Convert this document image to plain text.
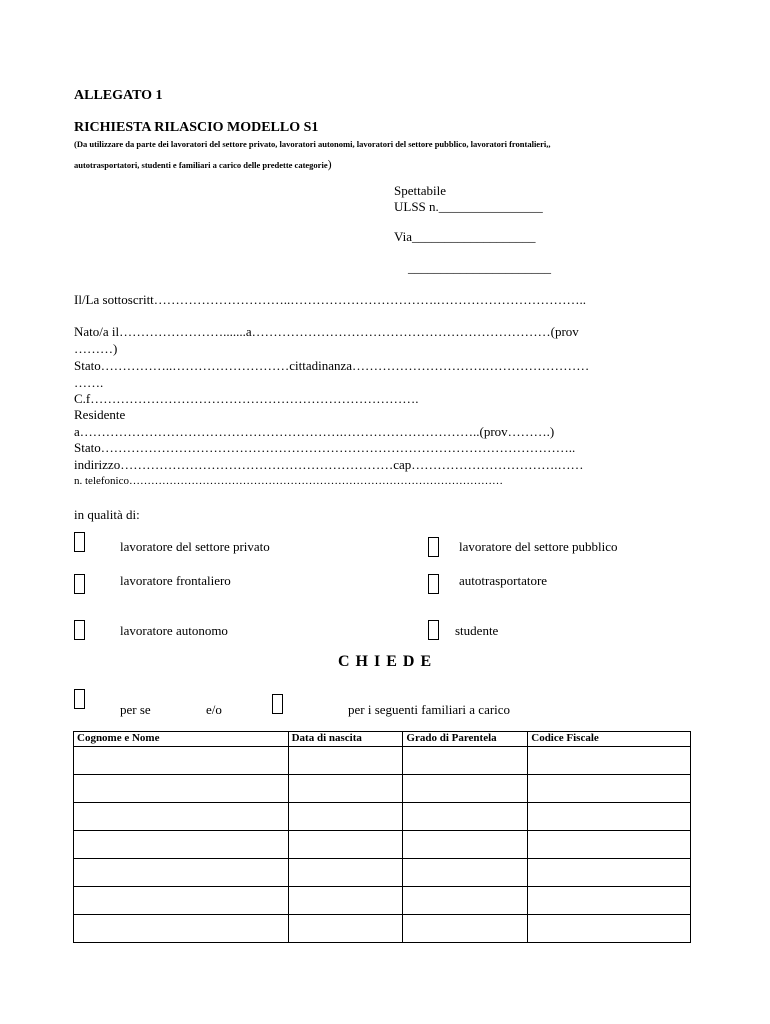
ALLEGATO 1
RICHIESTA RILASCIO MODELLO S1
(Da utilizzare da parte dei lavoratori del settore privato, lavoratori autonomi, lavoratori del settore pubblico, lavoratori frontalieri,,
autotrasportatori, studenti e familiari a carico delle predette categorie)
Spettabile
ULSS n.________________
Via___________________
______________________
Il/La sottoscritt…………………………..…………………………….……………………………..
Nato/a il…………………….......a……………………………………………………………(prov
………)
Stato……………..………………………cittadinanza………………………….……………………
…….
C.f………………………………………………………………….
Residente
a…………………………………………………….…………………………..(prov……….)
Stato………………………………………………………………………………………………..
indirizzo………………………………………………………cap…………………………….……
n. telefonico…………………………………………………………………………………………
in qualità di:
lavoratore del settore privato	lavoratore del settore pubblico
lavoratore frontaliero	autotrasportatore
lavoratore autonomo	studente
C H I E D E
per se	e/o	per i seguenti familiari a carico
Cognome e Nome	Data di nascita	Grado di Parentela	Codice Fiscale
